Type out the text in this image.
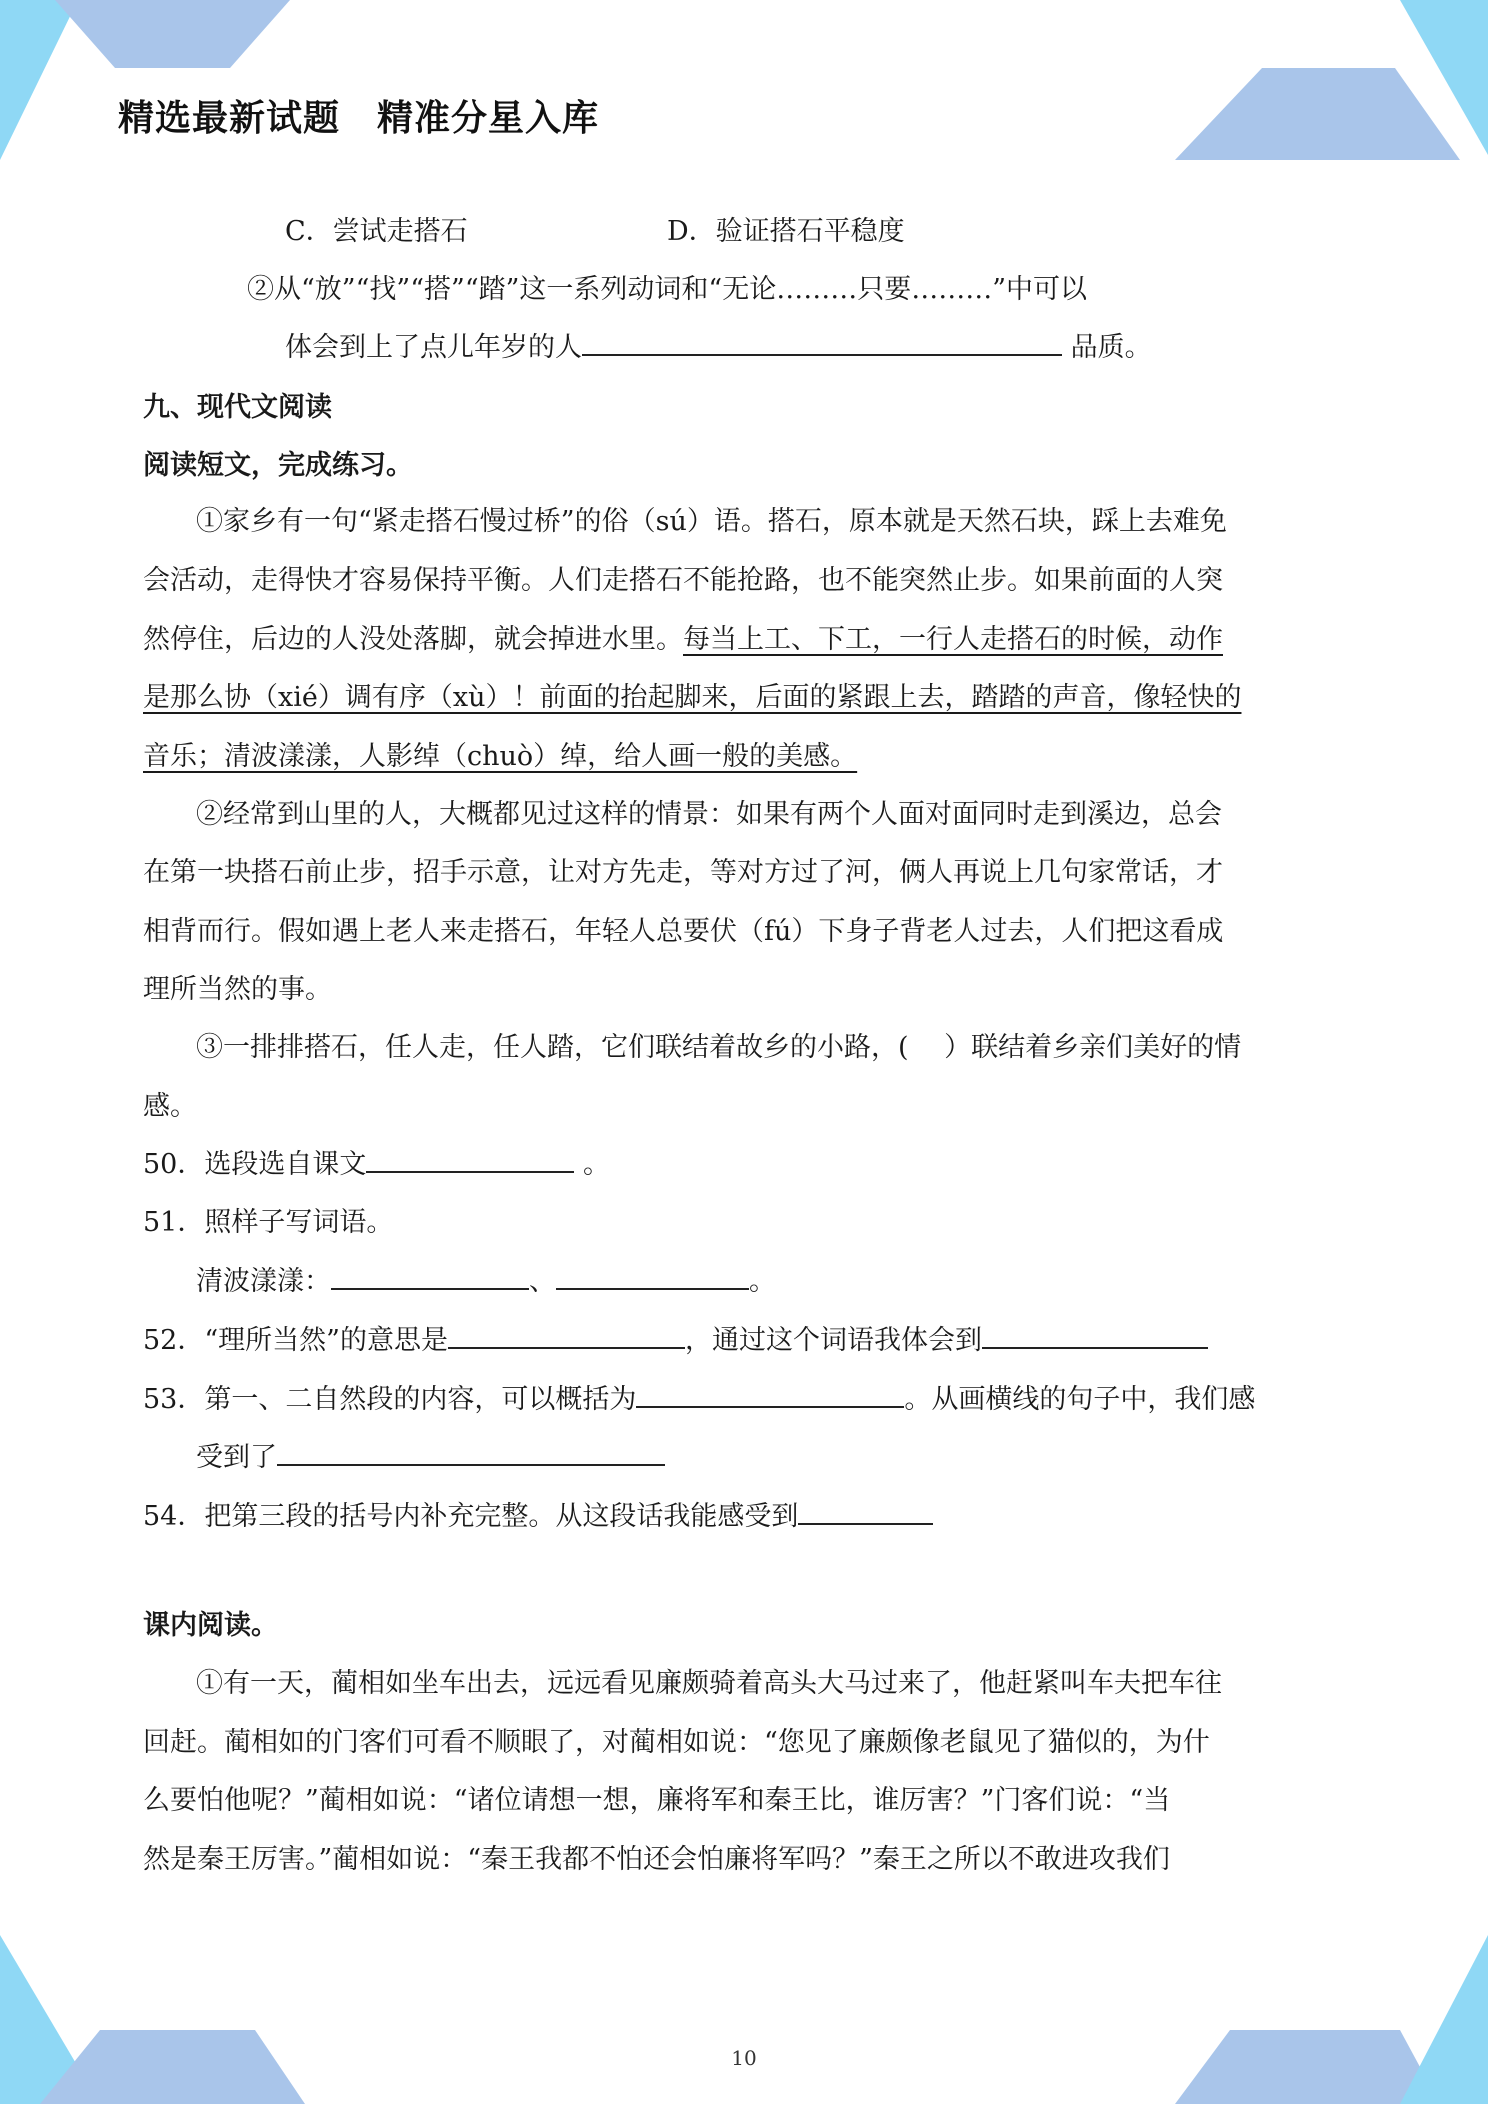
精选最新试题　精准分星入库
C．尝试走搭石	D．验证搭石平稳度
②从“放”“找”“搭”“踏”这一系列动词和“无论………只要………”中可以
体会到上了点儿年岁的人	品质。
九、现代文阅读
阅读短文，完成练习。
①家乡有一句“紧走搭石慢过桥”的俗（sú）语。搭石，原本就是天然石块，踩上去难免
会活动，走得快才容易保持平衡。人们走搭石不能抢路，也不能突然止步。如果前面的人突
然停住，后边的人没处落脚，就会掉进水里。每当上工、下工，一行人走搭石的时候，动作
是那么协（xié）调有序（xù）！前面的抬起脚来，后面的紧跟上去，踏踏的声音，像轻快的
音乐；清波漾漾，人影绰（chuò）绰，给人画一般的美感。
②经常到山里的人，大概都见过这样的情景：如果有两个人面对面同时走到溪边，总会
在第一块搭石前止步，招手示意，让对方先走，等对方过了河，俩人再说上几句家常话，才
相背而行。假如遇上老人来走搭石，年轻人总要伏（fú）下身子背老人过去，人们把这看成
理所当然的事。
③一排排搭石，任人走，任人踏，它们联结着故乡的小路，(　 ）联结着乡亲们美好的情
感。
50．选段选自课文	。
51．照样子写词语。
清波漾漾：	、	。
52．“理所当然”的意思是	，通过这个词语我体会到
53．第一、二自然段的内容，可以概括为	。从画横线的句子中，我们感
受到了
54．把第三段的括号内补充完整。从这段话我能感受到
课内阅读。
①有一天，蔺相如坐车出去，远远看见廉颇骑着高头大马过来了，他赶紧叫车夫把车往
回赶。蔺相如的门客们可看不顺眼了，对蔺相如说：“您见了廉颇像老鼠见了猫似的，为什
么要怕他呢？”蔺相如说：“诸位请想一想，廉将军和秦王比，谁厉害？”门客们说：“当
然是秦王厉害。”蔺相如说：“秦王我都不怕还会怕廉将军吗？”秦王之所以不敢进攻我们
10
